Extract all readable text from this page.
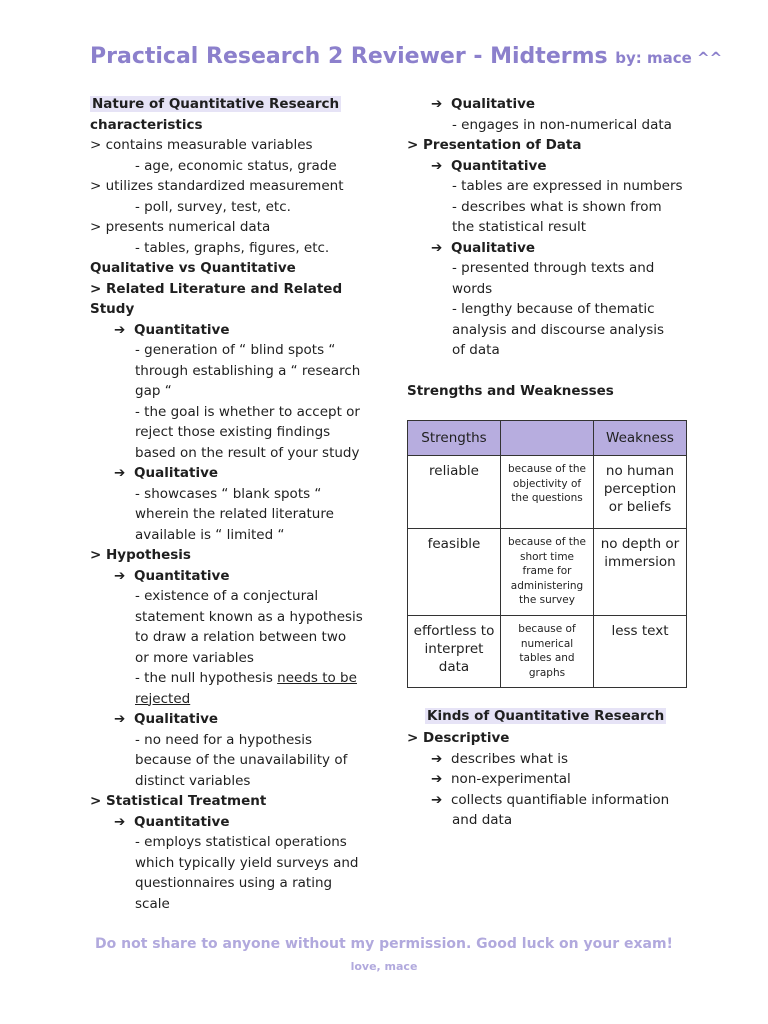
Practical Research 2 Reviewer - Midterms by: mace ^^
Nature of Quantitative Research
characteristics
> contains measurable variables
- age, economic status, grade
> utilizes standardized measurement
- poll, survey, test, etc.
> presents numerical data
- tables, graphs, figures, etc.
Qualitative vs Quantitative
> Related Literature and Related
Study
➔ Quantitative
- generation of “ blind spots “
through establishing a “ research
gap “
- the goal is whether to accept or
reject those existing findings
based on the result of your study
➔ Qualitative
- showcases “ blank spots “
wherein the related literature
available is “ limited “
> Hypothesis
➔ Quantitative
- existence of a conjectural
statement known as a hypothesis
to draw a relation between two
or more variables
- the null hypothesis needs to be
rejected
➔ Qualitative
- no need for a hypothesis
because of the unavailability of
distinct variables
> Statistical Treatment
➔ Quantitative
- employs statistical operations
which typically yield surveys and
questionnaires using a rating
scale
➔ Qualitative
- engages in non-numerical data
> Presentation of Data
➔ Quantitative
- tables are expressed in numbers
- describes what is shown from
the statistical result
➔ Qualitative
- presented through texts and
words
- lengthy because of thematic
analysis and discourse analysis
of data
Strengths and Weaknesses
Strengths		Weakness
reliable	because of the objectivity of the questions	no human perception or beliefs
feasible	because of the short time frame for administering the survey	no depth or immersion
effortless to interpret data	because of numerical tables and graphs	less text
Kinds of Quantitative Research
> Descriptive
➔ describes what is
➔ non-experimental
➔ collects quantifiable information
and data
Do not share to anyone without my permission. Good luck on your exam!
love, mace
